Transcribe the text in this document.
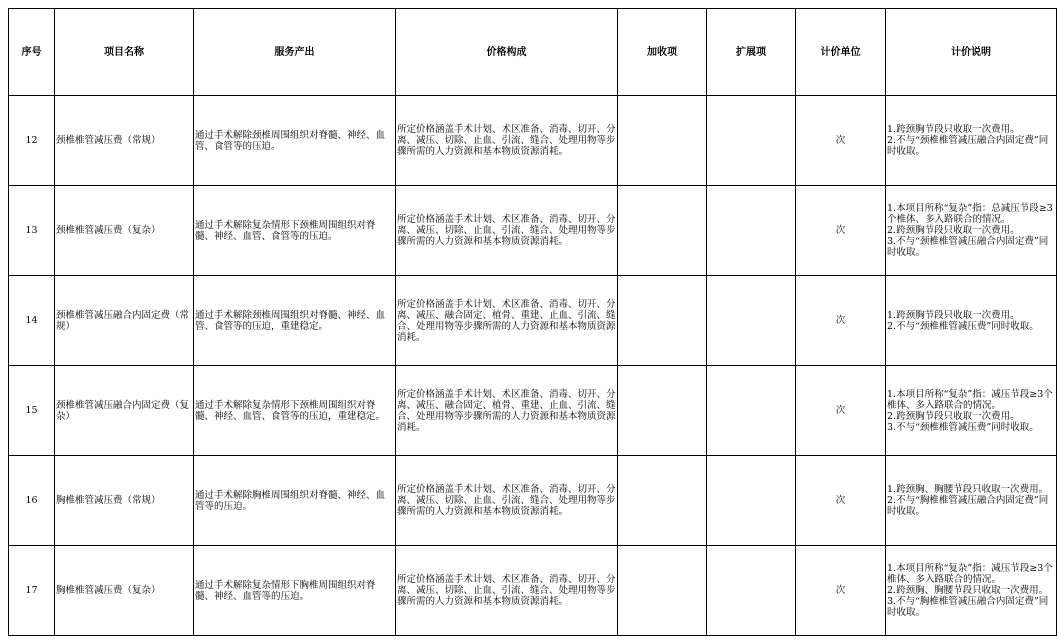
序号	项目名称	服务产出	价格构成	加收项	扩展项	计价单位	计价说明
12	颈椎椎管减压费（常规）	通过手术解除颈椎周围组织对脊髓、神经、血管、食管等的压迫。	所定价格涵盖手术计划、术区准备、消毒、切开、分离、减压、切除、止血、引流、缝合、处理用物等步骤所需的人力资源和基本物质资源消耗。			次	1.跨颈胸节段只收取一次费用。
2.不与“颈椎椎管减压融合内固定费”同时收取。

13	颈椎椎管减压费（复杂）	通过手术解除复杂情形下颈椎周围组织对脊髓、神经、血管、食管等的压迫。	所定价格涵盖手术计划、术区准备、消毒、切开、分离、减压、切除、止血、引流、缝合、处理用物等步骤所需的人力资源和基本物质资源消耗。			次	1.本项目所称“复杂”指：总减压节段≥3个椎体、多入路联合的情况。
2.跨颈胸节段只收取一次费用。
3.不与“颈椎椎管减压融合内固定费”同时收取。

14	颈椎椎管减压融合内固定费（常规）	通过手术解除颈椎周围组织对脊髓、神经、血管、食管等的压迫，重建稳定。	所定价格涵盖手术计划、术区准备、消毒、切开、分离、减压、融合固定、植骨、重建、止血、引流、缝合、处理用物等步骤所需的人力资源和基本物质资源消耗。			次	1.跨颈胸节段只收取一次费用。
2.不与“颈椎椎管减压费”同时收取。

15	颈椎椎管减压融合内固定费（复杂）	通过手术解除复杂情形下颈椎周围组织对脊髓、神经、血管、食管等的压迫，重建稳定。	所定价格涵盖手术计划、术区准备、消毒、切开、分离、减压、融合固定、植骨、重建、止血、引流、缝合、处理用物等步骤所需的人力资源和基本物质资源消耗。			次	1.本项目所称“复杂”指：减压节段≥3个椎体、多入路联合的情况。
2.跨颈胸节段只收取一次费用。
3.不与“颈椎椎管减压费”同时收取。

16	胸椎椎管减压费（常规）	通过手术解除胸椎周围组织对脊髓、神经、血管等的压迫。	所定价格涵盖手术计划、术区准备、消毒、切开、分离、减压、切除、止血、引流、缝合、处理用物等步骤所需的人力资源和基本物质资源消耗。			次	1.跨颈胸、胸腰节段只收取一次费用。
2.不与“胸椎椎管减压融合内固定费”同时收取。

17	胸椎椎管减压费（复杂）	通过手术解除复杂情形下胸椎周围组织对脊髓、神经、血管等的压迫。	所定价格涵盖手术计划、术区准备、消毒、切开、分离、减压、切除、止血、引流、缝合、处理用物等步骤所需的人力资源和基本物质资源消耗。			次	1.本项目所称“复杂”指：减压节段≥3个椎体、多入路联合的情况。
2.跨颈胸、胸腰节段只收取一次费用。
3.不与“胸椎椎管减压融合内固定费”同时收取。
